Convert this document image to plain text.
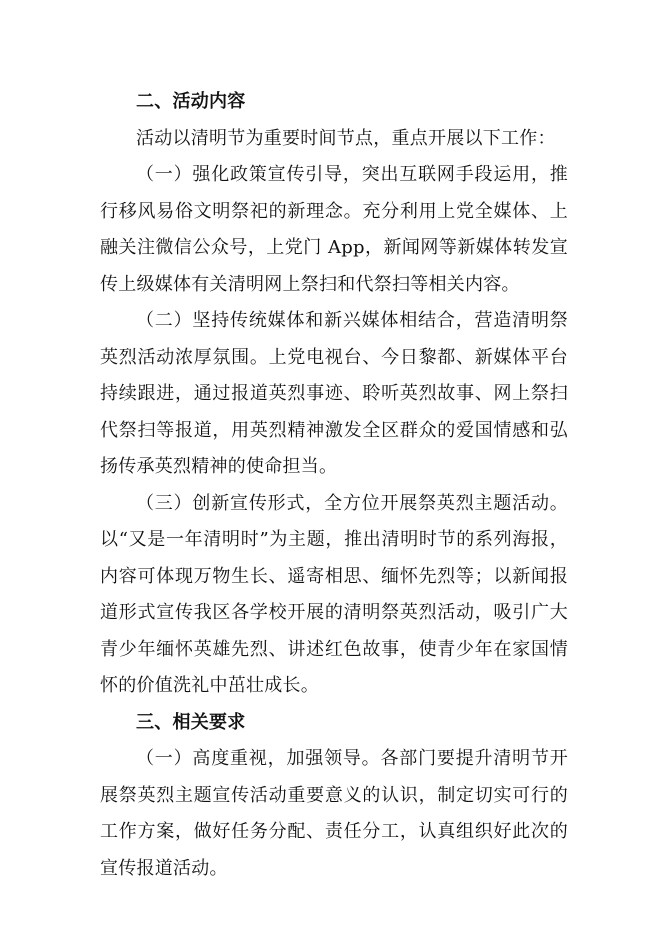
二、活动内容

活动以清明节为重要时间节点，重点开展以下工作：

（一）强化政策宣传引导，突出互联网手段运用，推行移风易俗文明祭祀的新理念。充分利用上党全媒体、上融关注微信公众号，上党门 App，新闻网等新媒体转发宣传上级媒体有关清明网上祭扫和代祭扫等相关内容。

（二）坚持传统媒体和新兴媒体相结合，营造清明祭英烈活动浓厚氛围。上党电视台、今日黎都、新媒体平台持续跟进，通过报道英烈事迹、聆听英烈故事、网上祭扫代祭扫等报道，用英烈精神激发全区群众的爱国情感和弘扬传承英烈精神的使命担当。

（三）创新宣传形式，全方位开展祭英烈主题活动。以“又是一年清明时”为主题，推出清明时节的系列海报，内容可体现万物生长、遥寄相思、缅怀先烈等；以新闻报道形式宣传我区各学校开展的清明祭英烈活动，吸引广大青少年缅怀英雄先烈、讲述红色故事，使青少年在家国情怀的价值洗礼中茁壮成长。

三、相关要求

（一）高度重视，加强领导。各部门要提升清明节开展祭英烈主题宣传活动重要意义的认识，制定切实可行的工作方案，做好任务分配、责任分工，认真组织好此次的宣传报道活动。
